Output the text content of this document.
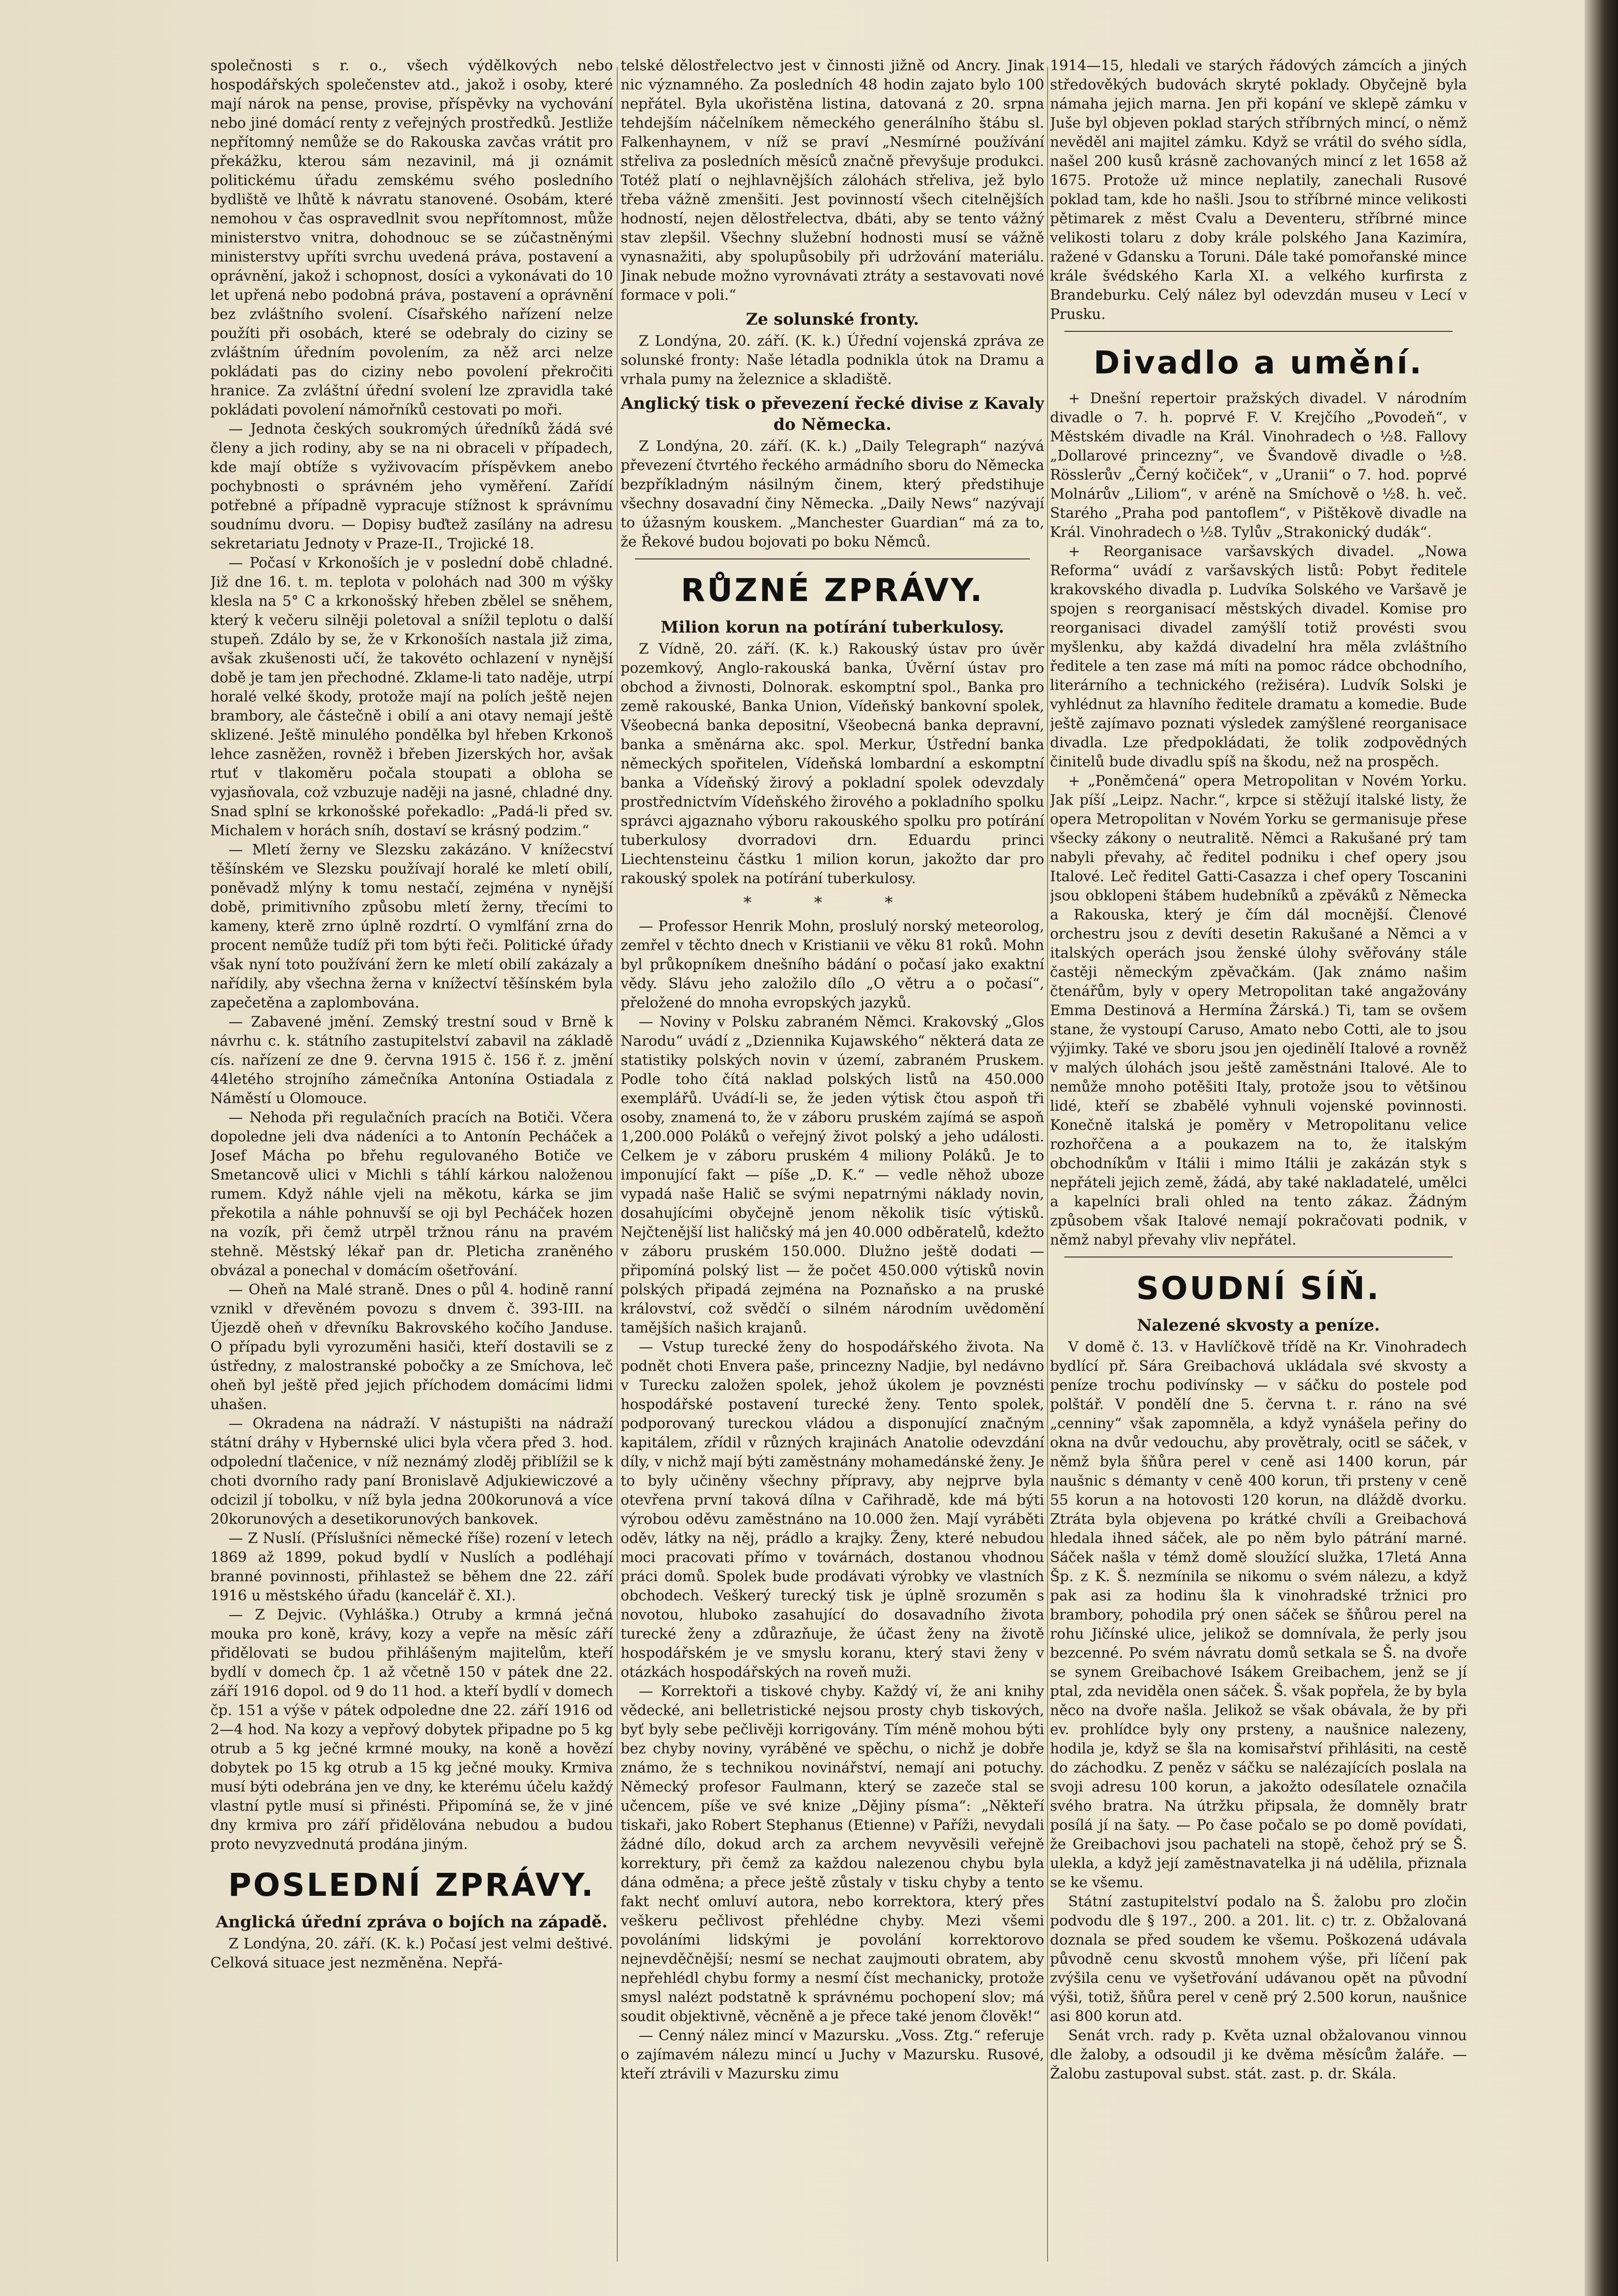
společnosti s r. o., všech výdělkových nebo hospodářských společenstev atd., jakož i osoby, které mají nárok na pense, provise, příspěvky na vychování nebo jiné domácí renty z veřejných prostředků. Jestliže nepřítomný nemůže se do Rakouska zavčas vrátit pro překážku, kterou sám nezavinil, má ji oznámit politickému úřadu zemskému svého posledního bydliště ve lhůtě k návratu stanovené. Osobám, které nemohou v čas ospravedlnit svou nepřítomnost, může ministerstvo vnitra, dohodnouc se se zúčastněnými ministerstvy upříti svrchu uvedená práva, postavení a oprávnění, jakož i schopnost, dosíci a vykonávati do 10 let upřená nebo podobná práva, postavení a oprávnění bez zvláštního svolení. Císařského nařízení nelze použíti při osobách, které se odebraly do ciziny se zvláštním úředním povolením, za něž arci nelze pokládati pas do ciziny nebo povolení překročiti hranice. Za zvláštní úřední svolení lze zpravidla také pokládati povolení námořníků cestovati po moři.

— Jednota českých soukromých úředníků žádá své členy a jich rodiny, aby se na ni obraceli v případech, kde mají obtíže s vyživovacím příspěvkem anebo pochybnosti o správném jeho vyměření. Zařídí potřebné a případně vypracuje stížnost k správnímu soudnímu dvoru. — Dopisy buďtež zasílány na adresu sekretariatu Jednoty v Praze-II., Trojické 18.

— Počasí v Krkonoších je v poslední době chladné. Již dne 16. t. m. teplota v polohách nad 300 m výšky klesla na 5° C a krkonošský hřeben zbělel se sněhem, který k večeru silněji poletoval a snížil teplotu o další stupeň. Zdálo by se, že v Krkonoších nastala již zima, avšak zkušenosti učí, že takovéto ochlazení v nynější době je tam jen přechodné. Zklame-li tato naděje, utrpí horalé velké škody, protože mají na polích ještě nejen brambory, ale částečně i obilí a ani otavy nemají ještě sklizené. Ještě minulého pondělka byl hřeben Krkonoš lehce zasněžen, rovněž i břeben Jizerských hor, avšak rtuť v tlakoměru počala stoupati a obloha se vyjasňovala, což vzbuzuje naději na jasné, chladné dny. Snad splní se krkonošské pořekadlo: „Padá-li před sv. Michalem v horách sníh, dostaví se krásný podzim.“

— Mletí žerny ve Slezsku zakázáno. V knížecství těšínském ve Slezsku používají horalé ke mletí obilí, poněvadž mlýny k tomu nestačí, zejména v nynější době, primitivního způsobu mletí žerny, třecími to kameny, kterě zrno úplně rozdrtí. O vymlfání zrna do procent nemůže tudíž při tom býti řeči. Politické úřady však nyní toto používání žern ke mletí obilí zakázaly a nařídily, aby všechna žerna v knížectví těšínském byla zapečetěna a zaplombována.

— Zabavené jmění. Zemský trestní soud v Brně k návrhu c. k. státního zastupitelství zabavil na základě cís. nařízení ze dne 9. června 1915 č. 156 ř. z. jmění 44letého strojního zámečníka Antonína Ostiadala z Náměstí u Olomouce.

— Nehoda při regulačních pracích na Botiči. Včera dopoledne jeli dva nádeníci a to Antonín Pecháček a Josef Mácha po břehu regulovaného Botiče ve Smetancově ulici v Michli s táhlí kárkou naloženou rumem. Když náhle vjeli na měkotu, kárka se jim překotila a náhle pohnuvší se oji byl Pecháček hozen na vozík, při čemž utrpěl tržnou ránu na pravém stehně. Městský lékař pan dr. Pleticha zraněného obvázal a ponechal v domácím ošetřování.

— Oheň na Malé straně. Dnes o půl 4. hodině ranní vznikl v dřevěném povozu s dnvem č. 393-III. na Újezdě oheň v dřevníku Bakrovského kočího Janduse. O případu byli vyrozuměni hasiči, kteří dostavili se z ústředny, z malostranské pobočky a ze Smíchova, leč oheň byl ještě před jejich příchodem domácími lidmi uhašen.

— Okradena na nádraží. V nástupišti na nádraží státní dráhy v Hybernské ulici byla včera před 3. hod. odpolední tlačenice, v níž neznámý zloděj přiblížil se k choti dvorního rady paní Bronislavě Adjukiewiczové a odcizil jí tobolku, v níž byla jedna 200korunová a více 20korunových a desetikorunových bankovek.

— Z Nuslí. (Příslušníci německé říše) rození v letech 1869 až 1899, pokud bydlí v Nuslích a podléhají branné povinnosti, přihlastež se během dne 22. září 1916 u městského úřadu (kancelář č. XI.).

— Z Dejvic. (Vyhláška.) Otruby a krmná ječná mouka pro koně, krávy, kozy a vepře na měsíc září přidělovati se budou přihlášeným majitelům, kteří bydlí v domech čp. 1 až včetně 150 v pátek dne 22. září 1916 dopol. od 9 do 11 hod. a kteří bydlí v domech čp. 151 a výše v pátek odpoledne dne 22. září 1916 od 2—4 hod. Na kozy a vepřový dobytek připadne po 5 kg otrub a 5 kg ječné krmné mouky, na koně a hovězí dobytek po 15 kg otrub a 15 kg ječné mouky. Krmiva musí býti odebrána jen ve dny, ke kterému účelu každý vlastní pytle musí si přinésti. Připomíná se, že v jiné dny krmiva pro září přidělována nebudou a budou proto nevyzvednutá prodána jiným.

POSLEDNÍ ZPRÁVY.
Anglická úřední zpráva o bojích na západě.

Z Londýna, 20. září. (K. k.) Počasí jest velmi deštivé. Celková situace jest nezměněna. Nepřá-

telské dělostřelectvo jest v činnosti jižně od Ancry. Jinak nic významného. Za posledních 48 hodin zajato bylo 100 nepřátel. Byla ukořistěna listina, datovaná z 20. srpna tehdejším náčelníkem německého generálního štábu sl. Falkenhaynem, v níž se praví „Nesmírné používání střeliva za posledních měsíců značně převyšuje produkci. Totéž platí o nejhlavnějších zálohách střeliva, jež bylo třeba vážně zmenšiti. Jest povinností všech citelnějších hodností, nejen dělostřelectva, dbáti, aby se tento vážný stav zlepšil. Všechny služební hodnosti musí se vážně vynasnažiti, aby spolupůsobily při udržování materiálu. Jinak nebude možno vyrovnávati ztráty a sestavovati nové formace v poli.“

Ze solunské fronty.

Z Londýna, 20. září. (K. k.) Úřední vojenská zpráva ze solunské fronty: Naše létadla podnikla útok na Dramu a vrhala pumy na železnice a skladiště.

Anglický tisk o převezení řecké divise z Kavaly do Německa.

Z Londýna, 20. září. (K. k.) „Daily Telegraph“ nazývá převezení čtvrtého řeckého armádního sboru do Německa bezpříkladným násilným činem, který předstihuje všechny dosavadní činy Německa. „Daily News“ nazývají to úžasným kouskem. „Manchester Guardian“ má za to, že Řekové budou bojovati po boku Němců.

RŮZNÉ ZPRÁVY.
Milion korun na potírání tuberkulosy.

Z Vídně, 20. září. (K. k.) Rakouský ústav pro úvěr pozemkový, Anglo-rakouská banka, Úvěrní ústav pro obchod a živnosti, Dolnorak. eskomptní spol., Banka pro země rakouské, Banka Union, Vídeňský bankovní spolek, Všeobecná banka depositní, Všeobecná banka depravní, banka a směnárna akc. spol. Merkur, Ústřední banka německých spořitelen, Vídeňská lombardní a eskomptní banka a Vídeňský žirový a pokladní spolek odevzdaly prostřednictvím Vídeňského žirového a pokladního spolku správci ajgaznaho výboru rakouského spolku pro potírání tuberkulosy dvorradovi drn. Eduardu princi Liechtensteinu částku 1 milion korun, jakožto dar pro rakouský spolek na potírání tuberkulosy.

* * *

— Professor Henrik Mohn, proslulý norský meteorolog, zemřel v těchto dnech v Kristianii ve věku 81 roků. Mohn byl průkopníkem dnešního bádání o počasí jako exaktní vědy. Slávu jeho založilo dílo „O větru a o počasí“, přeložené do mnoha evropských jazyků.

— Noviny v Polsku zabraném Němci. Krakovský „Glos Narodu“ uvádí z „Dziennika Kujawského“ některá data ze statistiky polských novin v území, zabraném Pruskem. Podle toho čítá naklad polských listů na 450.000 exemplářů. Uvádí-li se, že jeden výtisk čtou aspoň tři osoby, znamená to, že v záboru pruském zajímá se aspoň 1,200.000 Poláků o veřejný život polský a jeho události. Celkem je v záboru pruském 4 miliony Poláků. Je to imponující fakt — píše „D. K.“ — vedle něhož ubozе vypadá naše Halič se svými nepatrnými náklady novin, dosahujícími obyčejně jenom několik tisíc výtisků. Nejčtenější list haličský má jen 40.000 odběratelů, kdežto v záboru pruském 150.000. Dlužno ještě dodati — připomíná polský list — že počet 450.000 výtisků novin polských připadá zejména na Poznaňsko a na pruské království, což svědčí o silném národním uvědomění tamějších našich krajanů.

— Vstup turecké ženy do hospodářského života. Na podnět choti Envera paše, princezny Nadjie, byl nedávno v Turecku založen spolek, jehož úkolem je povznésti hospodářské postavení turecké ženy. Tento spolek, podporovaný tureckou vládou a disponující značným kapitálem, zřídil v různých krajinách Anatolie odevzdání díly, v nichž mají býti zaměstnány mohamedánské ženy. Je to byly učiněny všechny přípravy, aby nejprve byla otevřena první taková dílna v Cařihradě, kde má býti výrobou oděvu zaměstnáno na 10.000 žen. Mají vyráběti oděv, látky na něj, prádlo a krajky. Ženy, které nebudou moci pracovati přímo v továrnách, dostanou vhodnou práci domů. Spolek bude prodávati výrobky ve vlastních obchodech. Veškerý turecký tisk je úplně srozuměn s novotou, hluboko zasahující do dosavadního života turecké ženy a zdůrazňuje, že účast ženy na životě hospodářském je ve smyslu koranu, který stavi ženy v otázkách hospodářských na roveň muži.

— Korrektoři a tiskové chyby. Každý ví, že ani knihy vědecké, ani belletristické nejsou prosty chyb tiskových, byť byly sebe pečlivěji korrigovány. Tím méně mohou býti bez chyby noviny, vyráběné ve spěchu, o nichž je dobře známo, že s technikou novinářství, nemají ani potuchy. Německý profesor Faulmann, který se zazeče stal se učencem, píše ve své knize „Dějiny písma“: „Někteří tiskaři, jako Robert Stephanus (Etienne) v Paříži, nevydali žádné dílo, dokud arch za archem nevyvěsili veřejně korrektury, při čemž za každou nalezenou chybu byla dána odměna; a přece ještě zůstaly v tisku chyby a tento fakt nechť omluví autora, nebo korrektora, který přes veškeru pečlivost přehlédne chyby. Mezi všemi povoláními lidskými je povolání korrektorovo nejnevděčnější; nesmí se nechat zaujmouti obratem, aby nepřehlédl chybu formy a nesmí číst mechanicky, protože smysl nalézt podstatně k správnému pochopení slov; má soudit objektivně, věcněně a je přece také jenom člověk!“

— Cenný nález mincí v Mazursku. „Voss. Ztg.“ referuje o zajímavém nálezu mincí u Juchy v Mazursku. Rusové, kteří ztrávili v Mazursku zimu

1914—15, hledali ve starých řádových zámcích a jiných středověkých budovách skryté poklady. Obyčejně byla námaha jejich marna. Jen při kopání ve sklepě zámku v Juše byl objeven poklad starých stříbrných mincí, o němž nevěděl ani majitel zámku. Když se vrátil do svého sídla, našel 200 kusů krásně zachovaných mincí z let 1658 až 1675. Protože už mince neplatily, zanechali Rusové poklad tam, kde ho našli. Jsou to stříbrné mince velikosti pětimarek z měst Cvalu a Deventeru, stříbrné mince velikosti tolaru z doby krále polského Jana Kazimíra, ražené v Gdansku a Toruni. Dále také pomořanské mince krále švédského Karla XI. a velkého kurfirsta z Brandeburku. Celý nález byl odevzdán museu v Lecí v Prusku.

Divadlo a umění.

+ Dnešní repertoir pražských divadel. V národním divadle o 7. h. poprvé F. V. Krejčího „Povodeň“, v Městském divadle na Král. Vinohradech o ½8. Fallovy „Dollarové princezny“, ve Švandově divadle o ½8. Rösslerův „Černý kočiček“, v „Uranii“ o 7. hod. poprvé Molnárův „Liliom“, v aréně na Smíchově o ½8. h. več. Starého „Praha pod pantoflem“, v Pištěkově divadle na Král. Vinohradech o ½8. Tylův „Strakonický dudák“.

+ Reorganisace varšavských divadel. „Nowa Reforma“ uvádí z varšavských listů: Pobyt ředitele krakovského divadla p. Ludvíka Solského ve Varšavě je spojen s reorganisací městských divadel. Komise pro reorganisaci divadel zamýšlí totiž provésti svou myšlenku, aby každá divadelní hra měla zvláštního ředitele a ten zase má míti na pomoc rádce obchodního, literárního a technického (režiséra). Ludvík Solski je vyhlédnut za hlavního ředitele dramatu a komedie. Bude ještě zajímavo poznati výsledek zamýšlené reorganisace divadla. Lze předpokládati, že tolik zodpovědných činitelů bude divadlu spíš na škodu, než na prospěch.

+ „Poněmčená“ opera Metropolitan v Novém Yorku. Jak píší „Leipz. Nachr.“, krpce si stěžují italské listy, že opera Metropolitan v Novém Yorku se germanisuje přese všecky zákony o neutralitě. Němci a Rakušané prý tam nabyli převahy, ač ředitel podniku i chef opery jsou Italové. Leč ředitel Gatti-Casazza i chef opery Toscanini jsou obklopeni štábem hudebníků a zpěváků z Německa a Rakouska, který je čím dál mocnější. Členové orchestru jsou z devíti desetin Rakušané a Němci a v italských operách jsou ženské úlohy svěřovány stále častěji německým zpěvačkám. (Jak známo našim čtenářům, byly v opery Metropolitan také angažovány Emma Destinová a Hermína Žárská.) Ti, tam se ovšem stane, že vystoupí Caruso, Amato nebo Cotti, ale to jsou výjimky. Také ve sboru jsou jen ojedinělí Italové a rovněž v malých úlohách jsou ještě zaměstnáni Italové. Ale to nemůže mnoho potěšiti Italy, protože jsou to většinou lidé, kteří se zbabělé vyhnuli vojenské povinnosti. Konečně italská je poměry v Metropolitanu velice rozhořčena a a poukazem na to, že italským obchodníkům v Itálii i mimo Itálii je zakázán styk s nepřáteli jejich země, žádá, aby také nakladatelé, umělci a kapelníci brali ohled na tento zákaz. Žádným způsobem však Italové nemají pokračovati podnik, v němž nabyl převahy vliv nepřátel.

SOUDNÍ SÍŇ.
Nalezené skvosty a peníze.

V domě č. 13. v Havlíčkově třídě na Kr. Vinohradech bydlící př. Sára Greibachová ukládala své skvosty a peníze trochu podivínsky — v sáčku do postele pod polštář. V pondělí dne 5. června t. r. ráno na své „cenniny“ však zapomněla, a když vynášela peřiny do okna na dvůr vedouchu, aby provětraly, ocitl se sáček, v němž byla šňůra perel v ceně asi 1400 korun, pár naušnic s démanty v ceně 400 korun, tři prsteny v ceně 55 korun a na hotovosti 120 korun, na dláždě dvorku. Ztráta byla objevena po krátké chvíli a Greibachová hledala ihned sáček, ale po něm bylo pátrání marné. Sáček našla v témž domě sloužící služka, 17letá Anna Šp. z K. Š. nezmínila se nikomu o svém nálezu, a když pak asi za hodinu šla k vinohradské tržnici pro brambory, pohodila prý onen sáček se šňůrou perel na rohu Jičínské ulice, jelikož se domnívala, že perly jsou bezcenné. Po svém návratu domů setkala se Š. na dvoře se synem Greibachové Isákem Greibachem, jenž se jí ptal, zda neviděla onen sáček. Š. však popřela, že by byla něco na dvoře našla. Jelikož se však obávala, že by při ev. prohlídce byly ony prsteny, a naušnice nalezeny, hodila je, když se šla na komisařství přihlásiti, na cestě do záchodku. Z peněz v sáčku se nalézajících poslala na svoji adresu 100 korun, a jakožto odesílatele označila svého bratra. Na útržku připsala, že domněly bratr posílá jí na šaty. — Po čase počalo se po domě povídati, že Greibachovi jsou pachateli na stopě, čehož prý se Š. ulekla, a když její zaměstnavatelka ji ná udělila, přiznala se ke všemu.

Státní zastupitelství podalo na Š. žalobu pro zločin podvodu dle § 197., 200. a 201. lit. c) tr. z. Obžalovaná doznala se před soudem ke všemu. Poškozená udávala původně cenu skvostů mnohem výše, při líčení pak zvýšila cenu ve vyšetřování udávanou opět na původní výši, totiž, šňůra perel v ceně prý 2.500 korun, naušnice asi 800 korun atd.

Senát vrch. rady p. Květa uznal obžalovanou vinnou dle žaloby, a odsoudil ji ke dvěma měsícům žaláře. — Žalobu zastupoval subst. stát. zast. p. dr. Skála.
